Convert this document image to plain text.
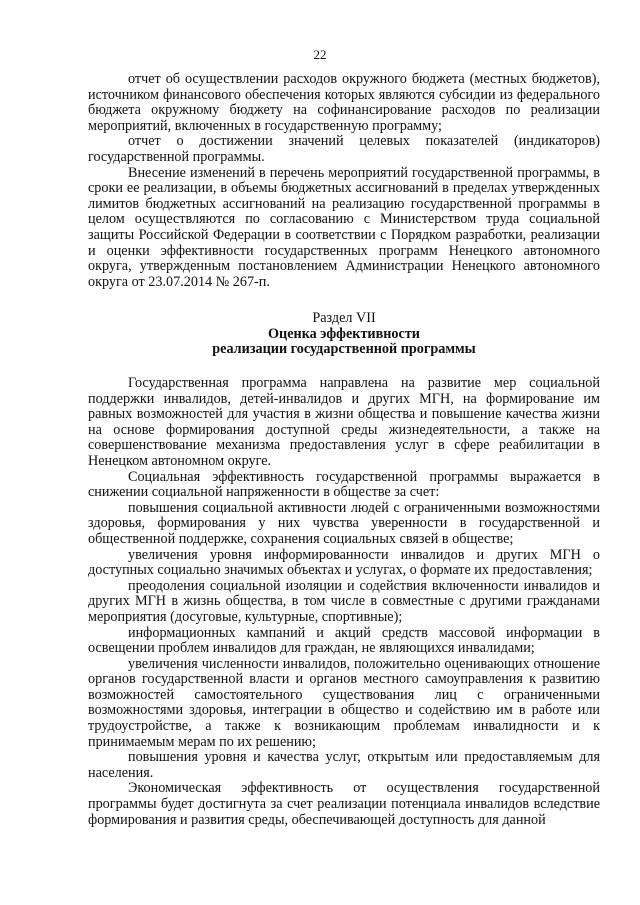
22

отчет об осуществлении расходов окружного бюджета (местных бюджетов), источником финансового обеспечения которых являются субсидии из федерального бюджета окружному бюджету на софинансирование расходов по реализации мероприятий, включенных в государственную программу;

отчет о достижении значений целевых показателей (индикаторов) государственной программы.

Внесение изменений в перечень мероприятий государственной программы, в сроки ее реализации, в объемы бюджетных ассигнований в пределах утвержденных лимитов бюджетных ассигнований на реализацию государственной программы в целом осуществляются по согласованию с Министерством труда социальной защиты Российской Федерации в соответствии с Порядком разработки, реализации и оценки эффективности государственных программ Ненецкого автономного округа, утвержденным постановлением Администрации Ненецкого автономного округа от 23.07.2014 № 267-п.

Раздел VII
Оценка эффективности
реализации государственной программы

Государственная программа направлена на развитие мер социальной поддержки инвалидов, детей-инвалидов и других МГН, на формирование им равных возможностей для участия в жизни общества и повышение качества жизни на основе формирования доступной среды жизнедеятельности, а также на совершенствование механизма предоставления услуг в сфере реабилитации в Ненецком автономном округе.

Социальная эффективность государственной программы выражается в снижении социальной напряженности в обществе за счет:

повышения социальной активности людей с ограниченными возможностями здоровья, формирования у них чувства уверенности в государственной и общественной поддержке, сохранения социальных связей в обществе;

увеличения уровня информированности инвалидов и других МГН о доступных социально значимых объектах и услугах, о формате их предоставления;

преодоления социальной изоляции и содействия включенности инвалидов и других МГН в жизнь общества, в том числе в совместные с другими гражданами мероприятия (досуговые, культурные, спортивные);

информационных кампаний и акций средств массовой информации в освещении проблем инвалидов для граждан, не являющихся инвалидами;

увеличения численности инвалидов, положительно оценивающих отношение органов государственной власти и органов местного самоуправления к развитию возможностей самостоятельного существования лиц с ограниченными возможностями здоровья, интеграции в общество и содействию им в работе или трудоустройстве, а также к возникающим проблемам инвалидности и к принимаемым мерам по их решению;

повышения уровня и качества услуг, открытым или предоставляемым для населения.

Экономическая эффективность от осуществления государственной программы будет достигнута за счет реализации потенциала инвалидов вследствие формирования и развития среды, обеспечивающей доступность для данной
